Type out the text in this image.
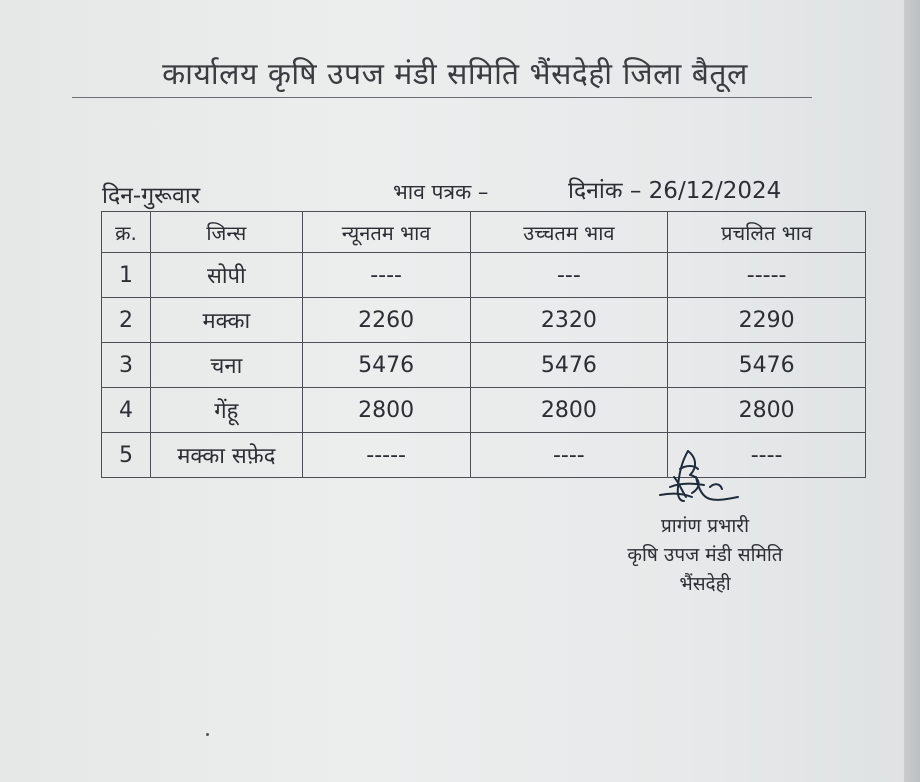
कार्यालय कृषि उपज मंडी समिति भैंसदेही जिला बैतूल
दिन-गुरूवार	भाव पत्रक –	दिनांक – 26/12/2024
क्र.	जिन्स	न्यूनतम भाव	उच्चतम भाव	प्रचलित भाव
1	सोपी	----	---	-----
2	मक्का	2260	2320	2290
3	चना	5476	5476	5476
4	गेंहू	2800	2800	2800
5	मक्का सफ़ेद	-----	----	----
प्रागंण प्रभारी
कृषि उपज मंडी समिति
भैंसदेही
